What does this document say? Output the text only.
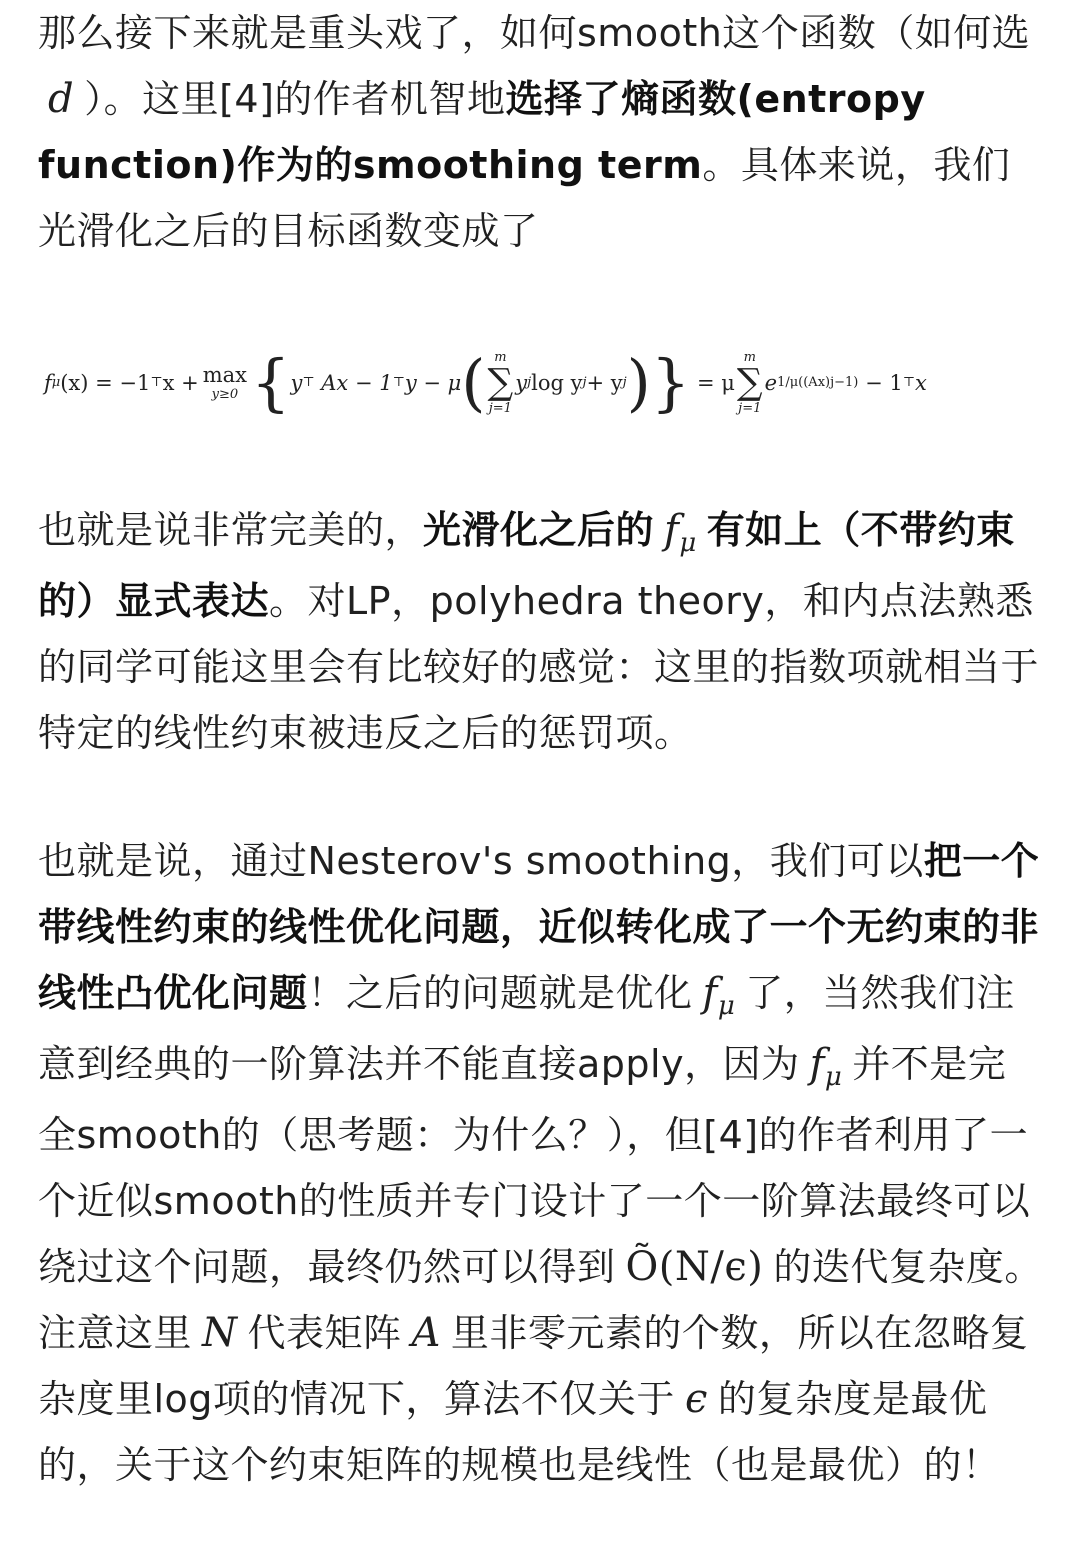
那么接下来就是重头戏了，如何smooth这个函数（如何选d ）。这里[4]的作者机智地选择了熵函数(entropy function)作为的smoothing term。具体来说，我们光滑化之后的目标函数变成了

f μ (x) = −1 ⊤ x + max
y≥0 { y ⊤
Ax − 1 ⊤ y − μ ( m
∑
j=1
y j log y j + y j ) }
= μ
m
∑
j=1
e 1/μ((Ax)j−1)
− 1 ⊤ x

也就是说非常完美的，光滑化之后的 $f_\mu$ 有如上（不带约束的）显式表达。对LP，polyhedra theory，和内点法熟悉的同学可能这里会有比较好的感觉：这里的指数项就相当于特定的线性约束被违反之后的惩罚项。

也就是说，通过Nesterov's smoothing，我们可以把一个带线性约束的线性优化问题，近似转化成了一个无约束的非线性凸优化问题！之后的问题就是优化 $f_\mu$ 了，当然我们注意到经典的一阶算法并不能直接apply，因为 $f_\mu$ 并不是完全smooth的（思考题：为什么？），但[4]的作者利用了一个近似smooth的性质并专门设计了一个一阶算法最终可以绕过这个问题，最终仍然可以得到 Õ(N/ϵ) 的迭代复杂度。注意这里 N 代表矩阵 A 里非零元素的个数，所以在忽略复杂度里log项的情况下，算法不仅关于 ϵ 的复杂度是最优的，关于这个约束矩阵的规模也是线性（也是最优）的！
